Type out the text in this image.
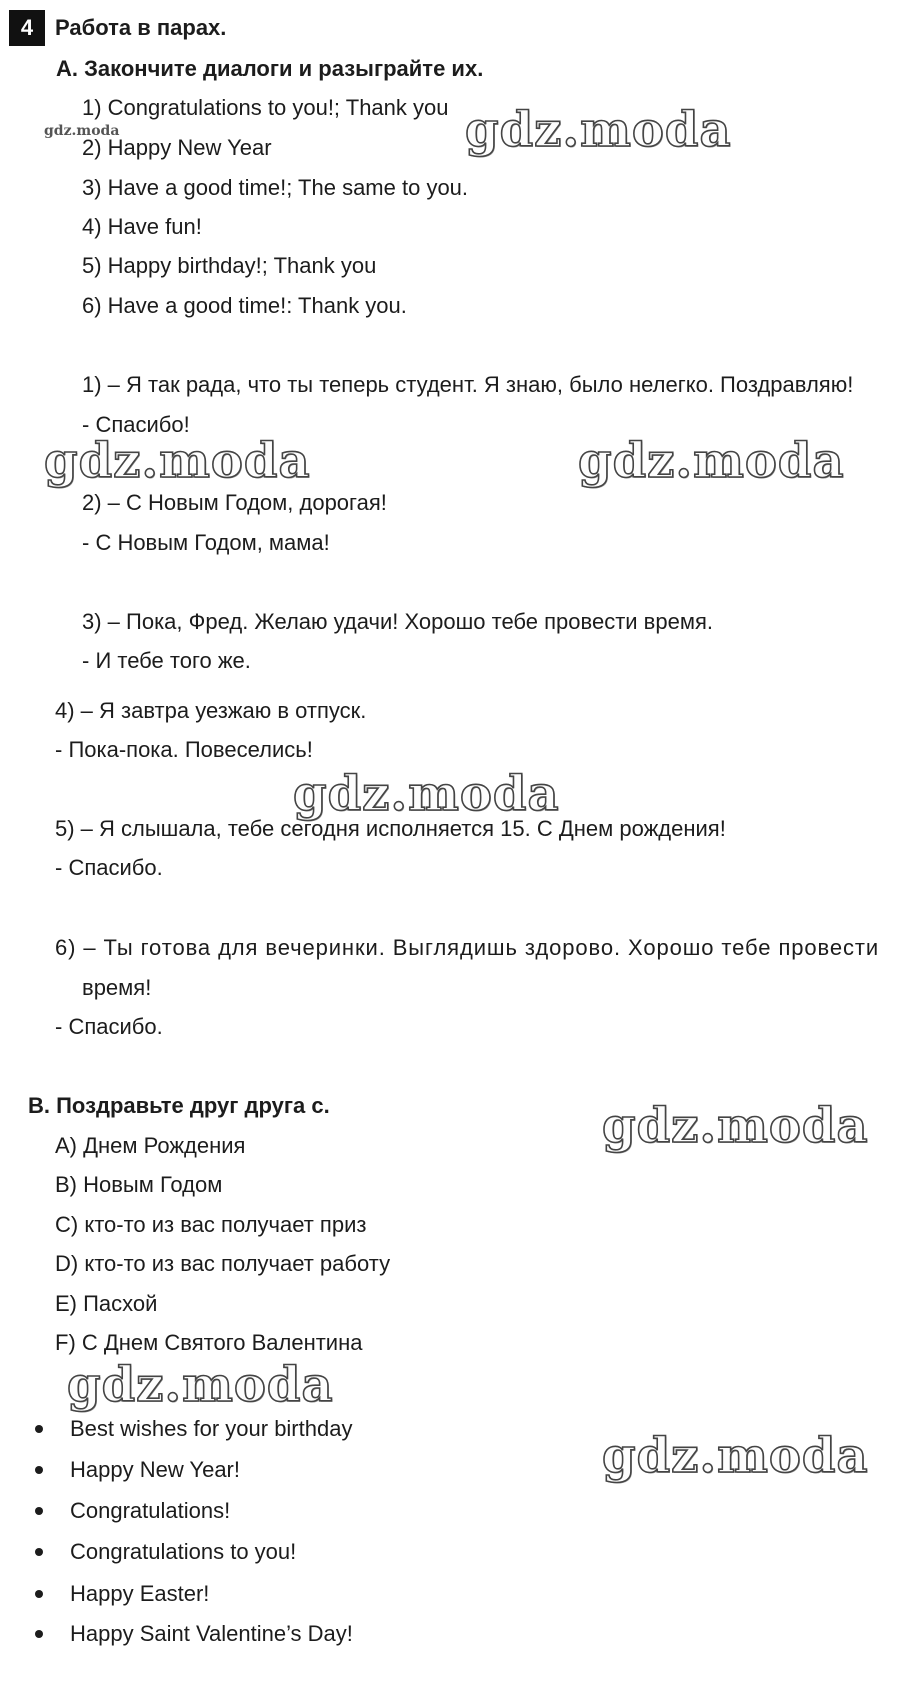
4 Работа в парах.
A. Закончите диалоги и разыграйте их.
1) Congratulations to you!; Thank you
2) Happy New Year
3) Have a good time!; The same to you.
4) Have fun!
5) Happy birthday!; Thank you
6) Have a good time!: Thank you.
1) – Я так рада, что ты теперь студент. Я знаю, было нелегко. Поздравляю!
- Спасибо!
2) – С Новым Годом, дорогая!
- С Новым Годом, мама!
3) – Пока, Фред. Желаю удачи! Хорошо тебе провести время.
- И тебе того же.
4) – Я завтра уезжаю в отпуск.
- Пока-пока. Повеселись!
5) – Я слышала, тебе сегодня исполняется 15. С Днем рождения!
- Спасибо.
6) – Ты готова для вечеринки. Выглядишь здорово. Хорошо тебе провести
время!
- Спасибо.
B. Поздравьте друг друга с.
A) Днем Рождения
B) Новым Годом
C) кто-то из вас получает приз
D) кто-то из вас получает работу
E) Пасхой
F) С Днем Святого Валентина
Best wishes for your birthday
Happy New Year!
Congratulations!
Congratulations to you!
Happy Easter!
Happy Saint Valentine’s Day!
gdz.moda	gdz.moda
gdz.moda	gdz.moda
gdz.moda
gdz.moda
gdz.moda
gdz.moda
